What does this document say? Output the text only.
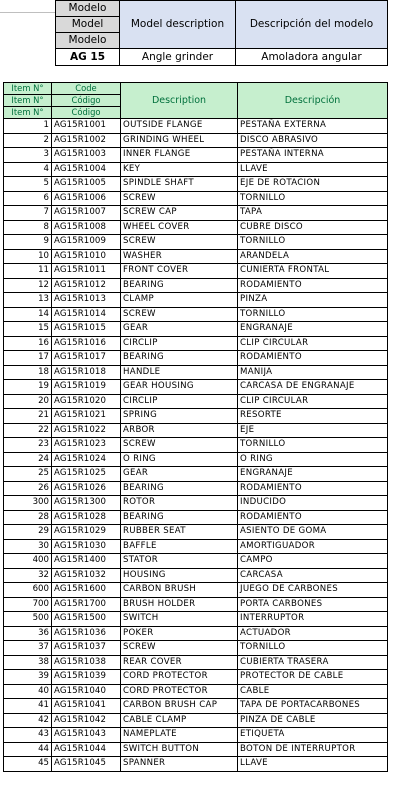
Modelo	Model description	Descripción del modelo
Model		
Modelo		
AG 15	Angle grinder	Amoladora angular
Item N°	Code	Description	Descripción
Item N°	Código		
Item N°	Código		
1	AG15R1001	OUTSIDE FLANGE	PESTAÑA EXTERNA
2	AG15R1002	GRINDING WHEEL	DISCO ABRASIVO
3	AG15R1003	INNER FLANGE	PESTAÑA INTERNA
4	AG15R1004	KEY	LLAVE
5	AG15R1005	SPINDLE SHAFT	EJE DE ROTACION
6	AG15R1006	SCREW	TORNILLO
7	AG15R1007	SCREW CAP	TAPA
8	AG15R1008	WHEEL COVER	CUBRE DISCO
9	AG15R1009	SCREW	TORNILLO
10	AG15R1010	WASHER	ARANDELA
11	AG15R1011	FRONT COVER	CUNIERTA FRONTAL
12	AG15R1012	BEARING	RODAMIENTO
13	AG15R1013	CLAMP	PINZA
14	AG15R1014	SCREW	TORNILLO
15	AG15R1015	GEAR	ENGRANAJE
16	AG15R1016	CIRCLIP	CLIP CIRCULAR
17	AG15R1017	BEARING	RODAMIENTO
18	AG15R1018	HANDLE	MANIJA
19	AG15R1019	GEAR HOUSING	CARCASA DE ENGRANAJE
20	AG15R1020	CIRCLIP	CLIP CIRCULAR
21	AG15R1021	SPRING	RESORTE
22	AG15R1022	ARBOR	EJE
23	AG15R1023	SCREW	TORNILLO
24	AG15R1024	O RING	O RING
25	AG15R1025	GEAR	ENGRANAJE
26	AG15R1026	BEARING	RODAMIENTO
300	AG15R1300	ROTOR	INDUCIDO
28	AG15R1028	BEARING	RODAMIENTO
29	AG15R1029	RUBBER SEAT	ASIENTO DE GOMA
30	AG15R1030	BAFFLE	AMORTIGUADOR
400	AG15R1400	STATOR	CAMPO
32	AG15R1032	HOUSING	CARCASA
600	AG15R1600	CARBON BRUSH	JUEGO DE CARBONES
700	AG15R1700	BRUSH HOLDER	PORTA CARBONES
500	AG15R1500	SWITCH	INTERRUPTOR
36	AG15R1036	POKER	ACTUADOR
37	AG15R1037	SCREW	TORNILLO
38	AG15R1038	REAR COVER	CUBIERTA TRASERA
39	AG15R1039	CORD PROTECTOR	PROTECTOR DE CABLE
40	AG15R1040	CORD PROTECTOR	CABLE
41	AG15R1041	CARBON BRUSH CAP	TAPA DE PORTACARBONES
42	AG15R1042	CABLE CLAMP	PINZA DE CABLE
43	AG15R1043	NAMEPLATE	ETIQUETA
44	AG15R1044	SWITCH BUTTON	BOTON DE INTERRUPTOR
45	AG15R1045	SPANNER	LLAVE
